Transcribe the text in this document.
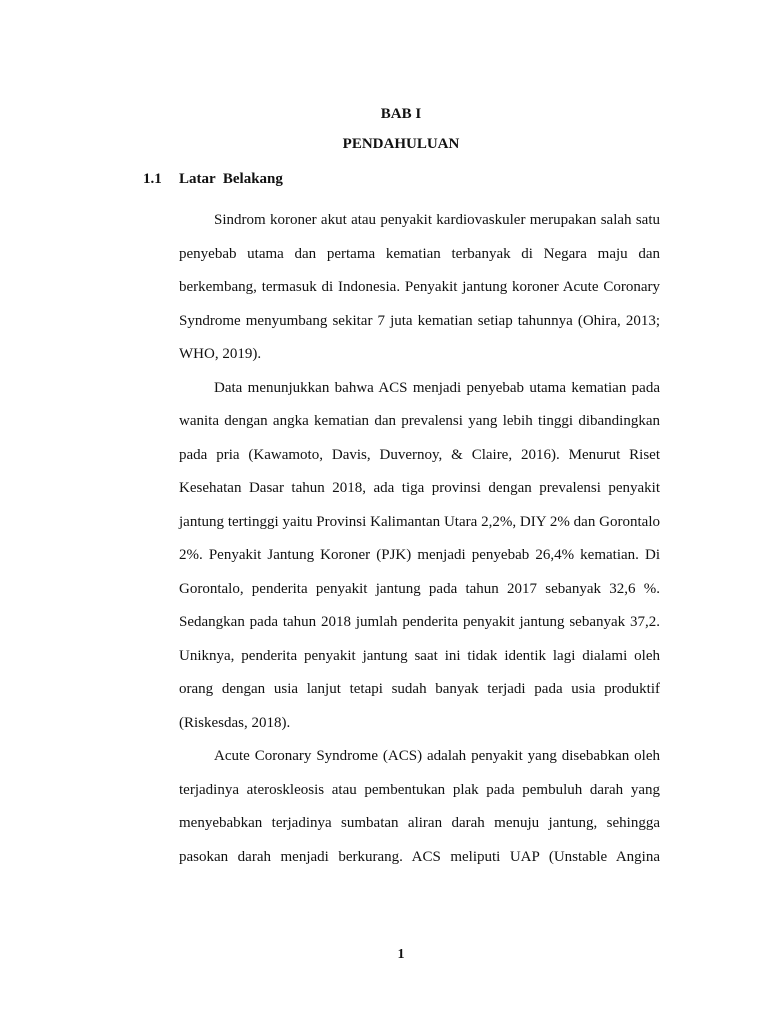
BAB I
PENDAHULUAN
1.1 Latar  Belakang

Sindrom koroner akut atau penyakit kardiovaskuler merupakan salah satu penyebab utama dan pertama kematian terbanyak di Negara maju dan berkembang, termasuk di Indonesia. Penyakit jantung koroner Acute Coronary Syndrome menyumbang sekitar 7 juta kematian setiap tahunnya (Ohira, 2013; WHO, 2019).

Data menunjukkan bahwa ACS menjadi penyebab utama kematian pada wanita dengan angka kematian dan prevalensi yang lebih tinggi dibandingkan pada pria (Kawamoto, Davis, Duvernoy, & Claire, 2016). Menurut Riset Kesehatan Dasar tahun 2018, ada tiga provinsi dengan prevalensi penyakit jantung tertinggi yaitu Provinsi Kalimantan Utara 2,2%, DIY 2% dan Gorontalo 2%. Penyakit Jantung Koroner (PJK) menjadi penyebab 26,4% kematian. Di Gorontalo, penderita penyakit jantung pada tahun 2017 sebanyak 32,6 %. Sedangkan pada tahun 2018 jumlah penderita penyakit jantung sebanyak 37,2. Uniknya, penderita penyakit jantung saat ini tidak identik lagi dialami oleh orang dengan usia lanjut tetapi sudah banyak terjadi pada usia produktif (Riskesdas, 2018).

Acute Coronary Syndrome (ACS) adalah penyakit yang disebabkan oleh terjadinya ateroskleosis atau pembentukan plak pada pembuluh darah yang menyebabkan terjadinya sumbatan aliran darah menuju jantung, sehingga pasokan darah menjadi berkurang. ACS meliputi UAP (Unstable Angina

1
